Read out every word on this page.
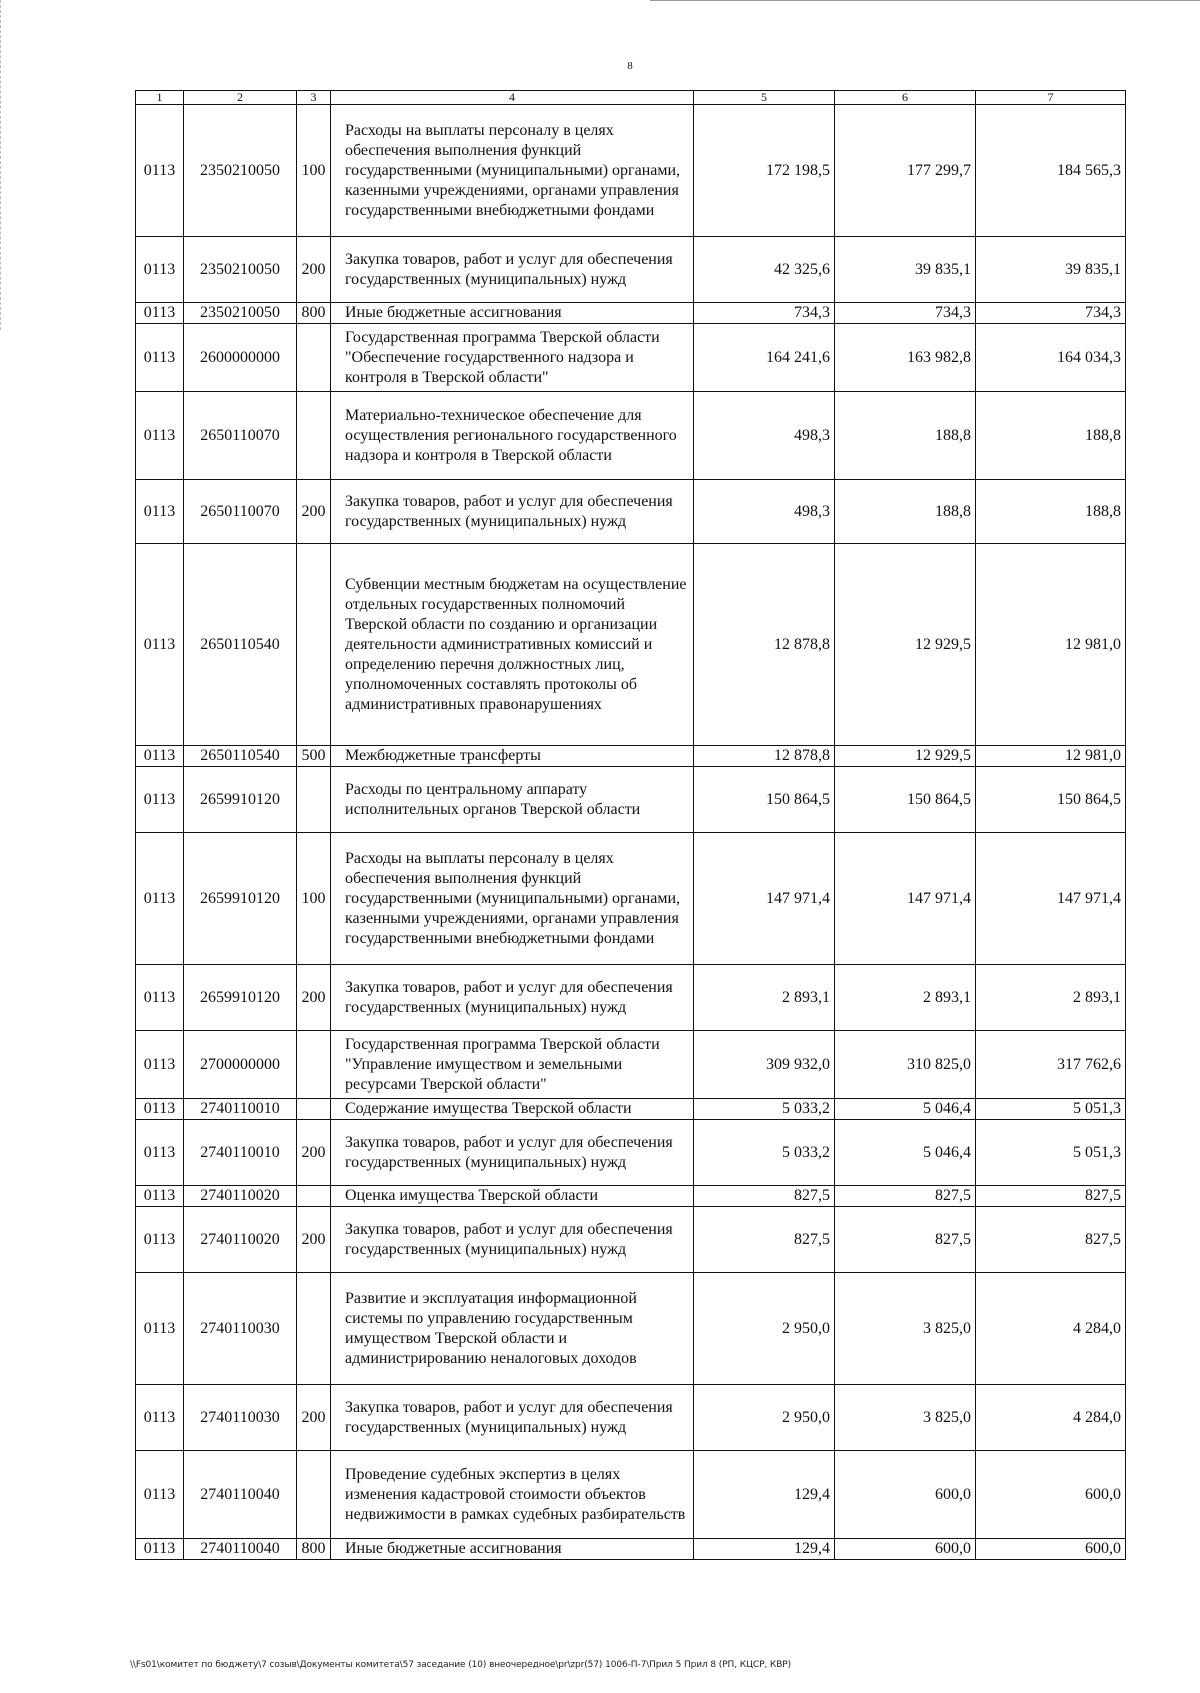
8
1	2	3	4	5	6	7
0113	2350210050	100	Расходы на выплаты персоналу в целях обеспечения выполнения функций государственными (муниципальными) органами, казенными учреждениями, органами управления государственными внебюджетными фондами	172 198,5	177 299,7	184 565,3
0113	2350210050	200	Закупка товаров, работ и услуг для обеспечения государственных (муниципальных) нужд	42 325,6	39 835,1	39 835,1
0113	2350210050	800	Иные бюджетные ассигнования	734,3	734,3	734,3
0113	2600000000		Государственная программа Тверской области "Обеспечение государственного надзора и контроля в Тверской области"	164 241,6	163 982,8	164 034,3
0113	2650110070		Материально-техническое обеспечение для осуществления регионального государственного надзора и контроля в Тверской области	498,3	188,8	188,8
0113	2650110070	200	Закупка товаров, работ и услуг для обеспечения государственных (муниципальных) нужд	498,3	188,8	188,8
0113	2650110540		Субвенции местным бюджетам на осуществление отдельных государственных полномочий Тверской области по созданию и организации деятельности административных комиссий и определению перечня должностных лиц, уполномоченных составлять протоколы об административных правонарушениях	12 878,8	12 929,5	12 981,0
0113	2650110540	500	Межбюджетные трансферты	12 878,8	12 929,5	12 981,0
0113	2659910120		Расходы по центральному аппарату исполнительных органов Тверской области	150 864,5	150 864,5	150 864,5
0113	2659910120	100	Расходы на выплаты персоналу в целях обеспечения выполнения функций государственными (муниципальными) органами, казенными учреждениями, органами управления государственными внебюджетными фондами	147 971,4	147 971,4	147 971,4
0113	2659910120	200	Закупка товаров, работ и услуг для обеспечения государственных (муниципальных) нужд	2 893,1	2 893,1	2 893,1
0113	2700000000		Государственная программа Тверской области "Управление имуществом и земельными ресурсами Тверской области"	309 932,0	310 825,0	317 762,6
0113	2740110010		Содержание имущества Тверской области	5 033,2	5 046,4	5 051,3
0113	2740110010	200	Закупка товаров, работ и услуг для обеспечения государственных (муниципальных) нужд	5 033,2	5 046,4	5 051,3
0113	2740110020		Оценка имущества Тверской области	827,5	827,5	827,5
0113	2740110020	200	Закупка товаров, работ и услуг для обеспечения государственных (муниципальных) нужд	827,5	827,5	827,5
0113	2740110030		Развитие и эксплуатация информационной системы по управлению государственным имуществом Тверской области и администрированию неналоговых доходов	2 950,0	3 825,0	4 284,0
0113	2740110030	200	Закупка товаров, работ и услуг для обеспечения государственных (муниципальных) нужд	2 950,0	3 825,0	4 284,0
0113	2740110040		Проведение судебных экспертиз в целях изменения кадастровой стоимости объектов недвижимости в рамках судебных разбирательств	129,4	600,0	600,0
0113	2740110040	800	Иные бюджетные ассигнования	129,4	600,0	600,0
\\Fs01\комитет по бюджету\7 созыв\Документы комитета\57 заседание (10) внеочередное\pr\zpr(57) 1006-П-7\Прил 5 Прил 8 (РП, КЦСР, КВР)
